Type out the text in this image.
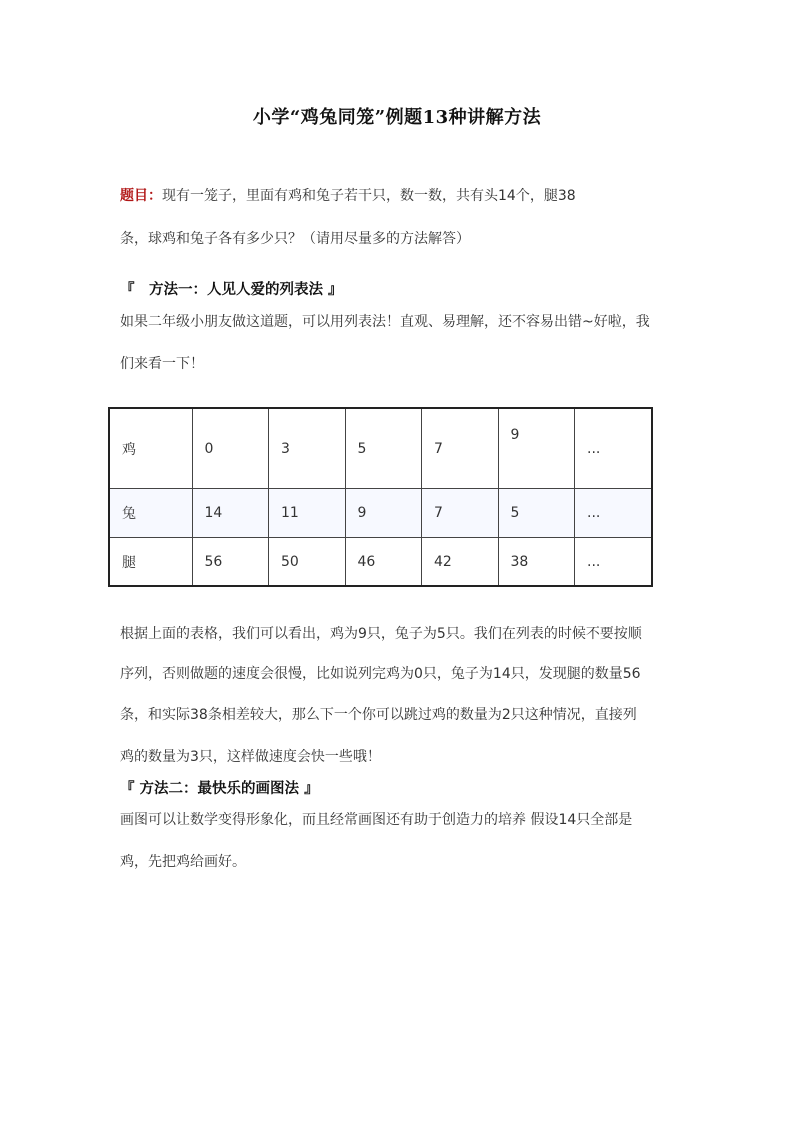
小学“鸡兔同笼”例题13种讲解方法
题目：现有一笼子，里面有鸡和兔子若干只，数一数，共有头14个，腿38
条，球鸡和兔子各有多少只？（请用尽量多的方法解答）
『　方法一：人见人爱的列表法 』
如果二年级小朋友做这道题，可以用列表法！直观、易理解，还不容易出错~好啦，我
们来看一下！
鸡	0	3	5	7	9	...
兔	14	11	9	7	5	...
腿	56	50	46	42	38	...
根据上面的表格，我们可以看出，鸡为9只，兔子为5只。我们在列表的时候不要按顺
序列，否则做题的速度会很慢，比如说列完鸡为0只，兔子为14只，发现腿的数量56
条，和实际38条相差较大，那么下一个你可以跳过鸡的数量为2只这种情况，直接列
鸡的数量为3只，这样做速度会快一些哦！
『 方法二：最快乐的画图法 』
画图可以让数学变得形象化，而且经常画图还有助于创造力的培养 假设14只全部是
鸡，先把鸡给画好。
